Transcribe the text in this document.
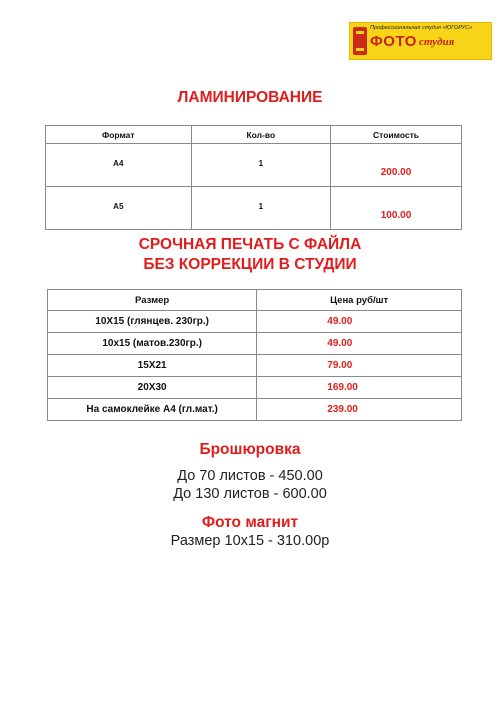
Профессиональная студия «ЮГОРУС»
ФОТО студия
ЛАМИНИРОВАНИЕ
Формат	Кол-во	Стоимость
А4	1	200.00
А5	1	100.00
СРОЧНАЯ ПЕЧАТЬ С ФАЙЛА
БЕЗ КОРРЕКЦИИ В СТУДИИ
Размер	Цена руб/шт
10Х15 (глянцев. 230гр.)	49.00
10х15 (матов.230гр.)	49.00
15Х21	79.00
20Х30	169.00
На самоклейке А4 (гл.мат.)	239.00
Брошюровка
До 70 листов - 450.00
До 130 листов - 600.00
Фото магнит
Размер 10х15 - 310.00р
